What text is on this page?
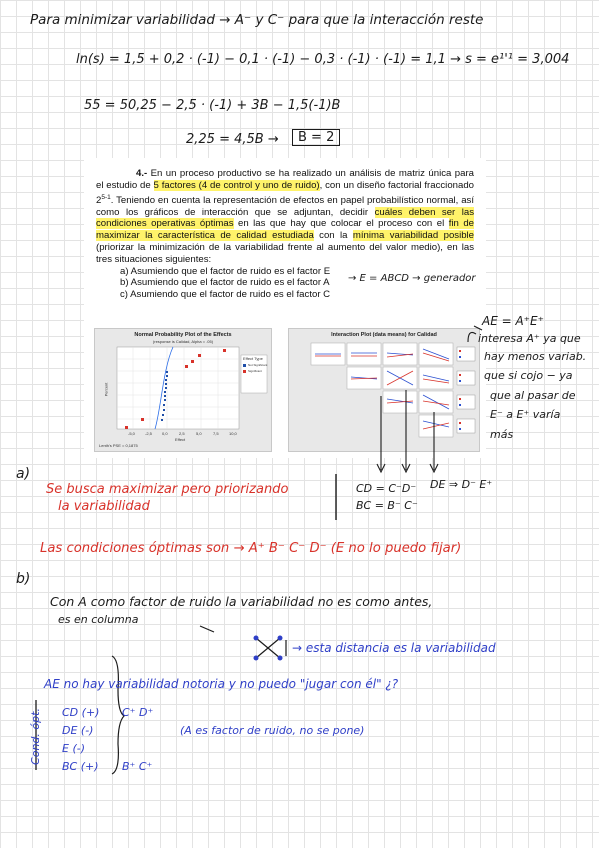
Para minimizar variabilidad → A⁻ y C⁻ para que la interacción reste
ln(s) = 1,5 + 0,2 · (-1) − 0,1 · (-1) − 0,3 · (-1) · (-1) = 1,1 → s = e¹'¹ = 3,004
55 = 50,25 − 2,5 · (-1) + 3B − 1,5(-1)B
2,25 = 4,5B →	B = 2
4.- En un proceso productivo se ha realizado un análisis de matriz única para el estudio de 5 factores (4 de control y uno de ruido), con un diseño factorial fraccionado 2$^{5-1}$. Teniendo en cuenta la representación de efectos en papel probabilístico normal, así como los gráficos de interacción que se adjuntan, decidir cuáles deben ser las condiciones operativas óptimas en las que hay que colocar el proceso con el fin de maximizar la característica de calidad estudiada con la mínima variabilidad posible (priorizar la minimización de la variabilidad frente al aumento del valor medio), en las tres situaciones siguientes:
a) Asumiendo que el factor de ruido es el factor E
b) Asumiendo que el factor de ruido es el factor A
c) Asumiendo que el factor de ruido es el factor C
Normal Probability Plot of the Effects
(response is Calidad, Alpha = .05)
Effect Type
Not Significant
Significant
Effect
Percent
-5,0	-2,5	0,0	2,5	5,0	7,5	10,0
Lenth's PSE = 0,1875
Interaction Plot (data means) for Calidad
→ E = ABCD → generador
AE = A⁺E⁺
interesa A⁺ ya que
hay menos variab.
que si cojo − ya
que al pasar de
E⁻ a E⁺ varía
más
a)
Se busca maximizar pero priorizando
la variabilidad
CD = C⁻D⁻ DE ⇒ D⁻ E⁺
BC = B⁻ C⁻
Las condiciones óptimas son → A⁺ B⁻ C⁻ D⁻ (E no lo puedo fijar)
b)
Con A como factor de ruido la variabilidad no es como antes,
es en columna
→ esta distancia es la variabilidad
AE no hay variabilidad notoria y no puedo "jugar con él" ¿?
Cond. ópt. CD (+)
DE (-)
E (-)
BC (+)
C⁺ D⁺
B⁺ C⁺
(A es factor de ruido, no se pone)
